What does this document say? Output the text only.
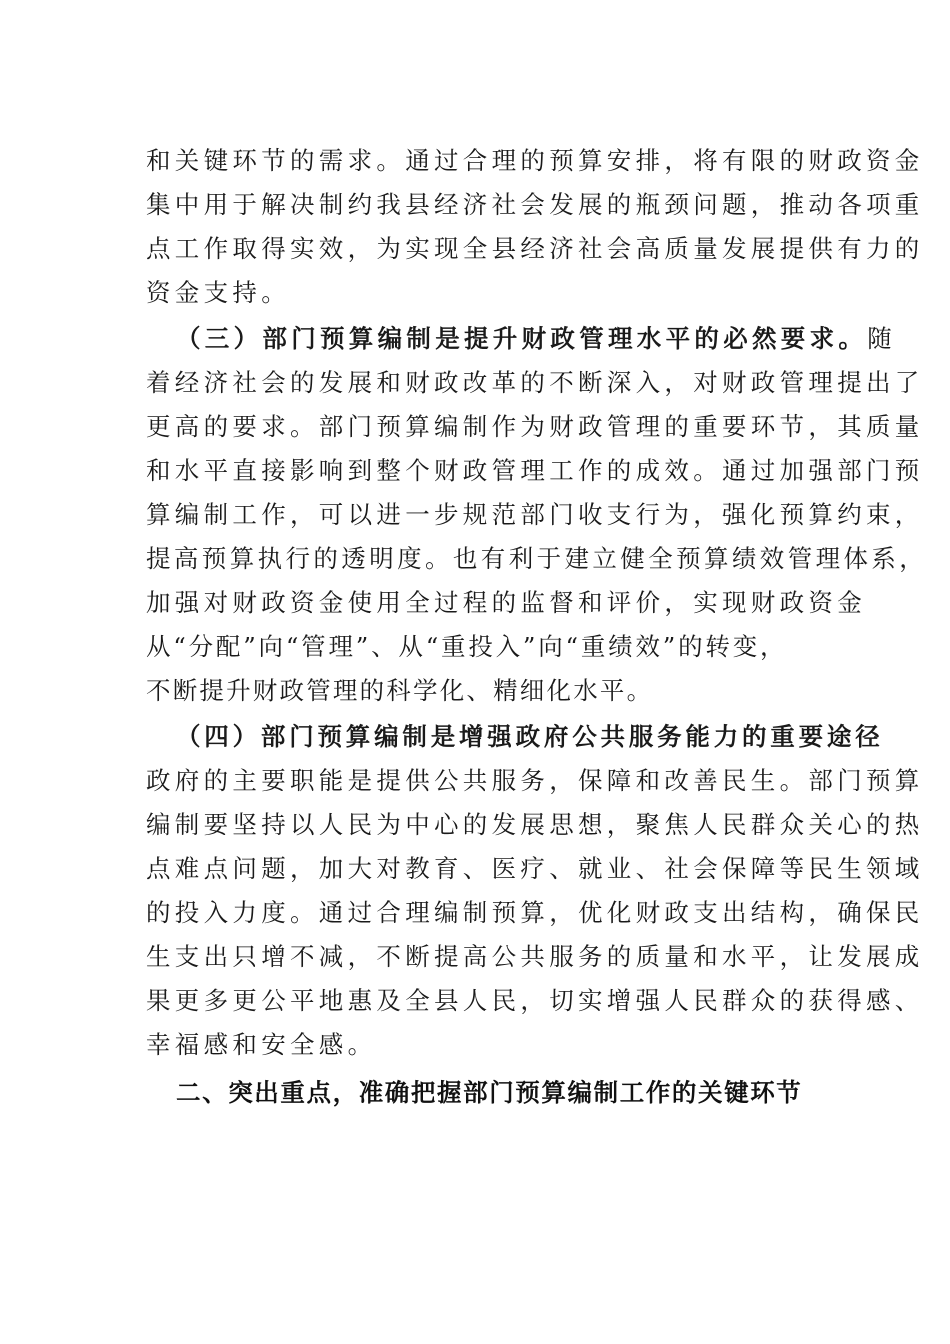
和关键环节的需求。通过合理的预算安排，将有限的财政资金
集中用于解决制约我县经济社会发展的瓶颈问题，推动各项重
点工作取得实效，为实现全县经济社会高质量发展提供有力的
资金支持。
（三）部门预算编制是提升财政管理水平的必然要求。随
着经济社会的发展和财政改革的不断深入，对财政管理提出了
更高的要求。部门预算编制作为财政管理的重要环节，其质量
和水平直接影响到整个财政管理工作的成效。通过加强部门预
算编制工作，可以进一步规范部门收支行为，强化预算约束，
提高预算执行的透明度。也有利于建立健全预算绩效管理体系，
加强对财政资金使用全过程的监督和评价，实现财政资金
从“分配”向“管理”、从“重投入”向“重绩效”的转变，
不断提升财政管理的科学化、精细化水平。
（四）部门预算编制是增强政府公共服务能力的重要途径
政府的主要职能是提供公共服务，保障和改善民生。部门预算
编制要坚持以人民为中心的发展思想，聚焦人民群众关心的热
点难点问题，加大对教育、医疗、就业、社会保障等民生领域
的投入力度。通过合理编制预算，优化财政支出结构，确保民
生支出只增不减，不断提高公共服务的质量和水平，让发展成
果更多更公平地惠及全县人民，切实增强人民群众的获得感、
幸福感和安全感。
二、突出重点，准确把握部门预算编制工作的关键环节
